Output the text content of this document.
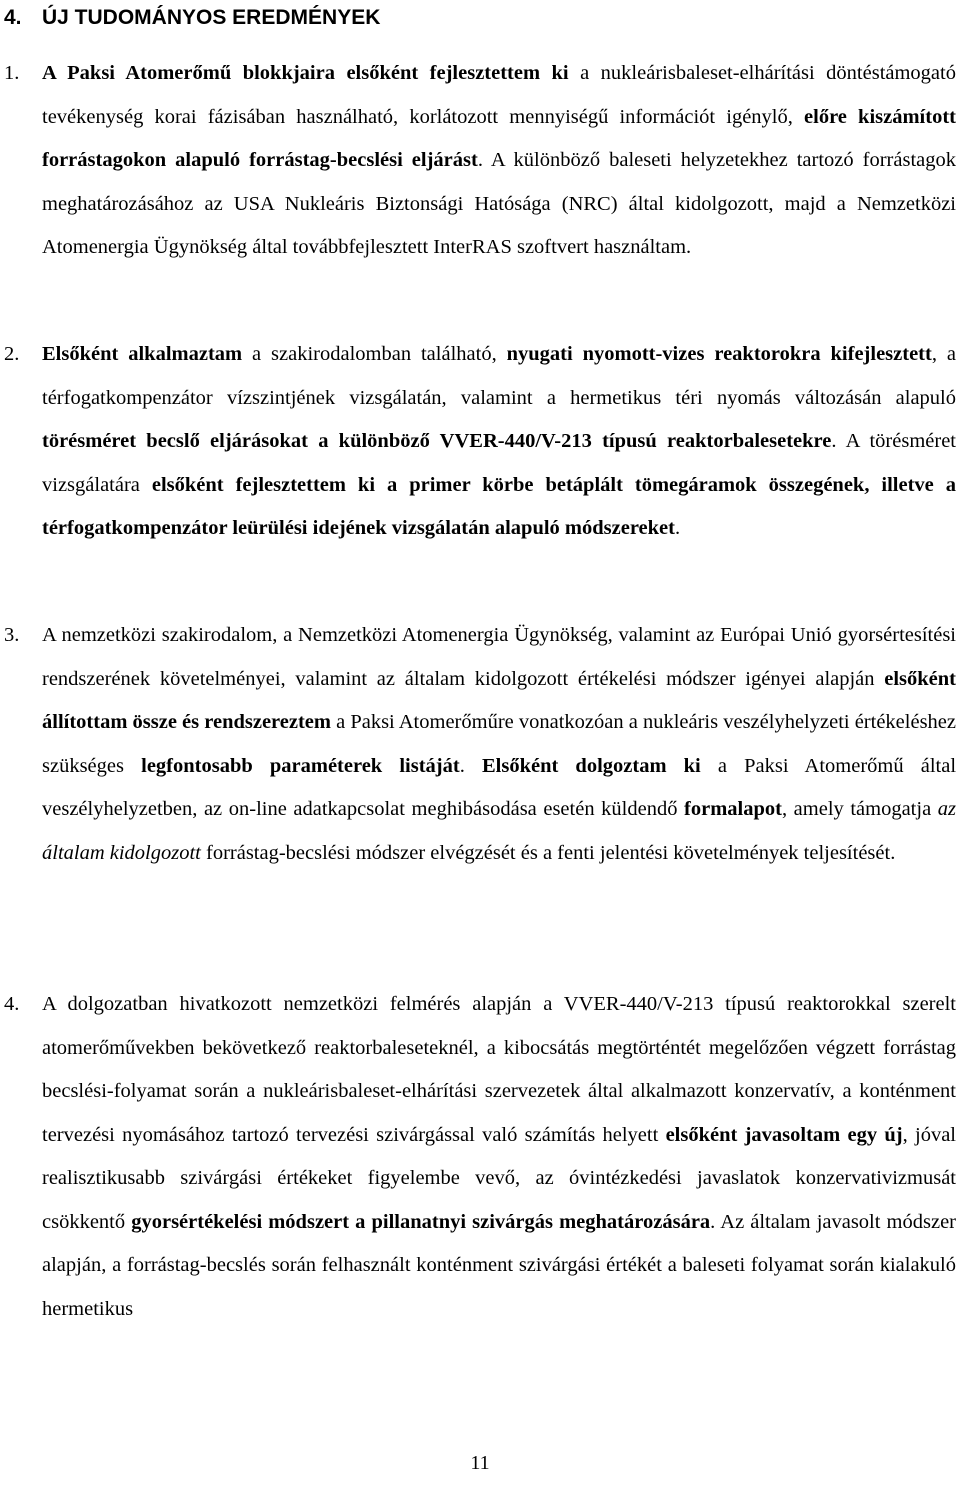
4. ÚJ TUDOMÁNYOS EREDMÉNYEK
1. A Paksi Atomerőmű blokkjaira elsőként fejlesztettem ki a nukleárisbaleset-elhárítási döntéstámogató tevékenység korai fázisában használható, korlátozott mennyiségű információt igénylő, előre kiszámított forrástagokon alapuló forrástag-becslési eljárást. A különböző baleseti helyzetekhez tartozó forrástagok meghatározásához az USA Nukleáris Biztonsági Hatósága (NRC) által kidolgozott, majd a Nemzetközi Atomenergia Ügynökség által továbbfejlesztett InterRAS szoftvert használtam.
2. Elsőként alkalmaztam a szakirodalomban található, nyugati nyomott-vizes reaktorokra kifejlesztett, a térfogatkompenzátor vízszintjének vizsgálatán, valamint a hermetikus téri nyomás változásán alapuló törésméret becslő eljárásokat a különböző VVER-440/V-213 típusú reaktorbalesetekre. A törésméret vizsgálatára elsőként fejlesztettem ki a primer körbe betáplált tömegáramok összegének, illetve a térfogatkompenzátor leürülési idejének vizsgálatán alapuló módszereket.
3. A nemzetközi szakirodalom, a Nemzetközi Atomenergia Ügynökség, valamint az Európai Unió gyorsértesítési rendszerének követelményei, valamint az általam kidolgozott értékelési módszer igényei alapján elsőként állítottam össze és rendszereztem a Paksi Atomerőműre vonatkozóan a nukleáris veszélyhelyzeti értékeléshez szükséges legfontosabb paraméterek listáját. Elsőként dolgoztam ki a Paksi Atomerőmű által veszélyhelyzetben, az on-line adatkapcsolat meghibásodása esetén küldendő formalapot, amely támogatja az általam kidolgozott forrástag-becslési módszer elvégzését és a fenti jelentési követelmények teljesítését.
4. A dolgozatban hivatkozott nemzetközi felmérés alapján a VVER-440/V-213 típusú reaktorokkal szerelt atomerőművekben bekövetkező reaktorbaleseteknél, a kibocsátás megtörténtét megelőzően végzett forrástag becslési-folyamat során a nukleárisbaleset-elhárítási szervezetek által alkalmazott konzervatív, a konténment tervezési nyomásához tartozó tervezési szivárgással való számítás helyett elsőként javasoltam egy új, jóval realisztikusabb szivárgási értékeket figyelembe vevő, az óvintézkedési javaslatok konzervativizmusát csökkentő gyorsértékelési módszert a pillanatnyi szivárgás meghatározására. Az általam javasolt módszer alapján, a forrástag-becslés során felhasznált konténment szivárgási értékét a baleseti folyamat során kialakuló hermetikus
11
